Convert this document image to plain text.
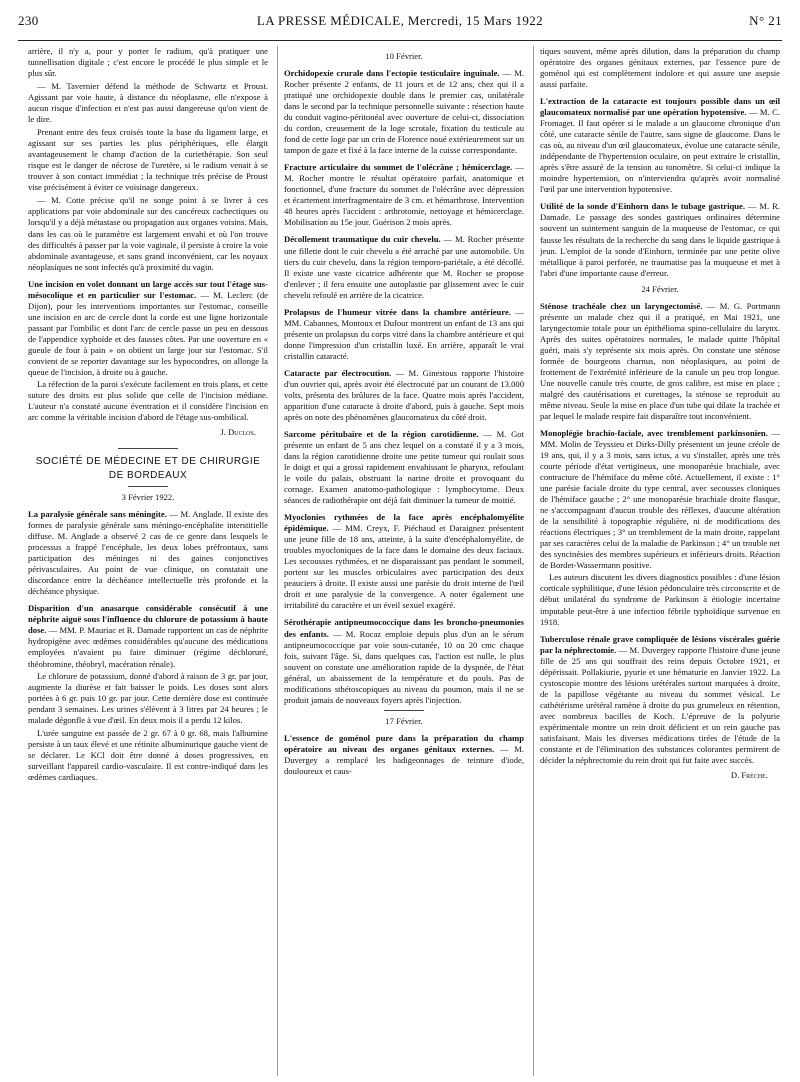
230	LA PRESSE MÉDICALE, Mercredi, 15 Mars 1922	N° 21

arrière, il n'y a, pour y porter le radium, qu'à pratiquer une tunnellisation digitale ; c'est encore le procédé le plus simple et le plus sûr.

— M. Tavernier défend la méthode de Schwartz et Proust. Agissant par voie haute, à distance du néoplasme, elle n'expose à aucun risque d'infection et n'est pas aussi dangereuse qu'on vient de le dire.

Prenant entre des feux croisés toute la base du ligament large, et agissant sur ses parties les plus périphériques, elle élargit avantageusement le champ d'action de la curiethérapie. Son seul risque est le danger de nécrose de l'uretère, si le radium venait à se trouver à son contact immédiat ; la technique très précise de Proust vise précisément à éviter ce voisinage dangereux.

— M. Cotte précise qu'il ne songe point à se livrer à ces applications par voie abdominale sur des cancéreux cachectiques ou lorsqu'il y a déjà métastase ou propagation aux organes voisins. Mais, dans les cas où le paramètre est largement envahi et où l'on trouve des difficultés à passer par la voie vaginale, il persiste à croire la voie abdominale avantageuse, et sans grand inconvénient, car les noyaux néoplasiques ne sont infectés qu'à proximité du vagin.

Une incision en volet donnant un large accès sur tout l'étage sus-mésocolique et en particulier sur l'estomac. — M. Leclerc (de Dijon), pour les interventions importantes sur l'estomac, conseille une incision en arc de cercle dont la corde est une ligne horizontale passant par l'ombilic et dont l'arc de cercle passe un peu en dessous de l'appendice xyphoïde et des fausses côtes. Par une ouverture en « gueule de four à pain » on obtient un large jour sur l'estomac. S'il convient de se reporter davantage sur les hypocondres, on allonge la queue de l'incision, à droite ou à gauche.

La réfection de la paroi s'exécute facilement en trois plans, et cette suture des droits est plus solide que celle de l'incision médiane. L'auteur n'a constaté aucune éventration et il considère l'incision en arc comme la véritable incision d'abord de l'étage sus-ombilical.

J. Duclos.
SOCIÉTÉ DE MÉDECINE ET DE CHIRURGIE
DE BORDEAUX
3 Février 1922.
La paralysie générale sans méningite. — M. Anglade. Il existe des formes de paralysie générale sans méningo-encéphalite interstitielle diffuse. M. Anglade a observé 2 cas de ce genre dans lesquels le processus a frappé l'encéphale, les deux lobes préfrontaux, sans participation des méninges ni des gaines conjonctives périvasculaires. Au point de vue clinique, on constatait une discordance entre la déchéance intellectuelle très profonde et la déchéance physique.
Disparition d'un anasarque considérable consécutif à une néphrite aiguë sous l'influence du chlorure de potassium à haute dose. — MM. P. Mauriac et R. Damade rapportent un cas de néphrite hydropigène avec œdèmes considérables qu'aucune des médications employées n'avaient pu faire diminuer (régime déchloruré, théobromine, théobryl, macération rénale).

Le chlorure de potassium, donné d'abord à raison de 3 gr. par jour, augmente la diurèse et fait baisser le poids. Les doses sont alors portées à 6 gr. puis 10 gr. par jour. Cette dernière dose est continuée pendant 3 semaines. Les urines s'élèvent à 3 litres par 24 heures ; le malade dégonfle à vue d'œil. En deux mois il a perdu 12 kilos.

L'urée sanguine est passée de 2 gr. 67 à 0 gr. 68, mais l'albumine persiste à un taux élevé et une rétinite albuminurique gauche vient de se déclarer. Le KCl doit être donné à doses progressives, en surveillant l'appareil cardio-vasculaire. Il est contre-indiqué dans les œdèmes cardiaques.

10 Février.
Orchidopexie crurale dans l'ectopie testiculaire inguinale. — M. Rocher présente 2 enfants, de 11 jours et de 12 ans, chez qui il a pratiqué une orchidopexie double dans le premier cas, unilatérale dans le second par la technique personnelle suivante : résection haute du conduit vagino-péritonéal avec ouverture de celui-ci, dissociation du cordon, creusement de la loge scrotale, fixation du testicule au fond de cette loge par un crin de Florence noué extérieurement sur un tampon de gaze et fixé à la face interne de la cuisse correspondante.
Fracture articulaire du sommet de l'olécrâne ; hémicerclage. — M. Rocher montre le résultat opératoire parfait, anatomique et fonctionnel, d'une fracture du sommet de l'olécrâne avec dépression et écartement interfragmentaire de 3 cm. et hémarthrose. Intervention 48 heures après l'accident : arthrotomie, nettoyage et hémicerclage. Mobilisation au 15e jour. Guérison 2 mois après.
Décollement traumatique du cuir chevelu. — M. Rocher présente une fillette dont le cuir chevelu a été arraché par une automobile. Un tiers du cuir chevelu, dans la région temporo-pariétale, a été décollé. Il existe une vaste cicatrice adhérente que M. Rocher se propose d'enlever ; il fera ensuite une autoplastie par glissement avec le cuir chevelu refoulé en arrière de la cicatrice.
Prolapsus de l'humeur vitrée dans la chambre antérieure. — MM. Cabannes, Montoux et Dufour montrent un enfant de 13 ans qui présente un prolapsus du corps vitré dans la chambre antérieure et qui donne l'impression d'un cristallin luxé. En arrière, apparaît le vrai cristallin cataracté.
Cataracte par électrocution. — M. Ginestous rapporte l'histoire d'un ouvrier qui, après avoir été électrocuté par un courant de 13.000 volts, présenta des brûlures de la face. Quatre mois après l'accident, apparition d'une cataracte à droite d'abord, puis à gauche. Sept mois après on note des phénomènes glaucomateux du côté droit.
Sarcome péritubaire et de la région carotidienne. — M. Got présente un enfant de 5 ans chez lequel on a constaté il y a 3 mois, dans la région carotidienne droite une petite tumeur qui roulait sous le doigt et qui a grossi rapidement envahissant le pharynx, refoulant le voile du palais, obstruant la narine droite et provoquant du cornage. Examen anatomo-pathologique : lymphocytome. Deux séances de radiothérapie ont déjà fait diminuer la tumeur de moitié.
Myoclonies rythmées de la face après encéphalomyélite épidémique. — MM. Creyx, F. Piéchaud et Daraignez présentent une jeune fille de 18 ans, atteinte, à la suite d'encéphalomyélite, de troubles myocloniques de la face dans le domaine des deux faciaux. Les secousses rythmées, et ne disparaissant pas pendant le sommeil, portent sur les muscles orbiculaires avec participation des deux peauciers à droite. Il existe aussi une parésie du droit interne de l'œil droit et une paralysie de la convergence. A noter également une irritabilité du caractère et un éveil sexuel exagéré.
Sérothérapie antipneumococcique dans les broncho-pneumonies des enfants. — M. Rocaz emploie depuis plus d'un an le sérum antipneumococcique par voie sous-cutanée, 10 ou 20 cmc chaque fois, suivant l'âge. Si, dans quelques cas, l'action est nulle, le plus souvent on constate une amélioration rapide de la dyspnée, de l'état général, un abaissement de la température et du pouls. Pas de modifications sthétoscopiques au niveau du poumon, mais il ne se produit jamais de nouveaux foyers après l'injection.
17 Février.
L'essence de goménol pure dans la préparation du champ opératoire au niveau des organes génitaux externes. — M. Duvergey a remplacé les badigeonnages de teinture d'iode, douloureux et caus-

tiques souvent, même après dilution, dans la préparation du champ opératoire des organes génitaux externes, par l'essence pure de goménol qui est complètement indolore et qui assure une asepsie aussi parfaite.

L'extraction de la cataracte est toujours possible dans un œil glaucomateux normalisé par une opération hypotensive. — M. C. Fromaget. Il faut opérer si le malade a un glaucome chronique d'un côté, une cataracte sénile de l'autre, sans signe de glaucome. Dans le cas où, au niveau d'un œil glaucomateux, évolue une cataracte sénile, indépendante de l'hypertension oculaire, on peut extraire le cristallin, après s'être assuré de la tension au tonomètre. Si celui-ci indique la moindre hypertension, on n'interviendra qu'après avoir normalisé l'œil par une intervention hypotensive.
Utilité de la sonde d'Einhorn dans le tubage gastrique. — M. R. Damade. Le passage des sondes gastriques ordinaires détermine souvent un suintement sanguin de la muqueuse de l'estomac, ce qui fausse les résultats de la recherche du sang dans le liquide gastrique à jeun. L'emploi de la sonde d'Einhorn, terminée par une petite olive métallique à paroi perforée, ne traumatise pas la muqueuse et met à l'abri d'une importante cause d'erreur.
24 Février.
Sténose trachéale chez un laryngectomisé. — M. G. Portmann présente un malade chez qui il a pratiqué, en Mai 1921, une laryngectomie totale pour un épithélioma spino-cellulaire du larynx. Après des suites opératoires normales, le malade quitte l'hôpital guéri, mais s'y représente six mois après. On constate une sténose formée de bourgeons charnus, non néoplasiques, au point de frottement de l'extrémité inférieure de la canule un peu trop longue. Une nouvelle canule très courte, de gros calibre, est mise en place ; malgré des cautérisations et curettages, la sténose se reproduit au même niveau. Seule la mise en place d'un tube qui dilate la trachée et par lequel le malade respire fait disparaître tout inconvénient.
Monoplégie brachio-faciale, avec tremblement parkinsonien. — MM. Molin de Teyssieu et Dirks-Dilly présentent un jeune créole de 19 ans, qui, il y a 3 mois, sans ictus, a vu s'installer, après une très courte période d'état vertigineux, une monoparésie brachiale, avec contracture de l'hémiface du même côté. Actuellement, il existe : 1° une parésie faciale droite du type central, avec secousses cloniques de l'hémiface gauche ; 2° une monoparésie brachiale droite flasque, ne s'accompagnant d'aucun trouble des réflexes, d'aucune altération de la sensibilité à topographie régulière, ni de modifications des réactions électriques ; 3° un tremblement de la main droite, rappelant par ses caractères celui de la maladie de Parkinson ; 4° un trouble net des syncinésies des membres supérieurs et inférieurs droits. Réaction de Bordet-Wassermann positive.

Les auteurs discutent les divers diagnostics possibles : d'une lésion corticale syphilitique, d'une lésion pédonculaire très circonscrite et de début unilatéral du syndrome de Parkinson à étiologie incertaine imputable peut-être à une infection fébrile typhoïdique survenue en 1918.

Tuberculose rénale grave compliquée de lésions viscérales guérie par la néphrectomie. — M. Duvergey rapporte l'histoire d'une jeune fille de 25 ans qui souffrait des reins depuis Octobre 1921, et dépérissait. Pollakiurie, pyurie et une hématurie en Janvier 1922. La cystoscopie montre des lésions urétérales surtout marquées à droite, de la papillose végétante au niveau du sommet vésical. Le cathétérisme urétéral ramène à droite du pus grumeleux en rétention, avec nombreux bacilles de Koch. L'épreuve de la polyurie expérimentale montre un rein droit déficient et un rein gauche pas satisfaisant. Mais les diverses médications tirées de l'étude de la constante et de l'élimination des substances colorantes permirent de décider la néphrectomie du rein droit qui fut faite avec succès.
D. Frèche.
